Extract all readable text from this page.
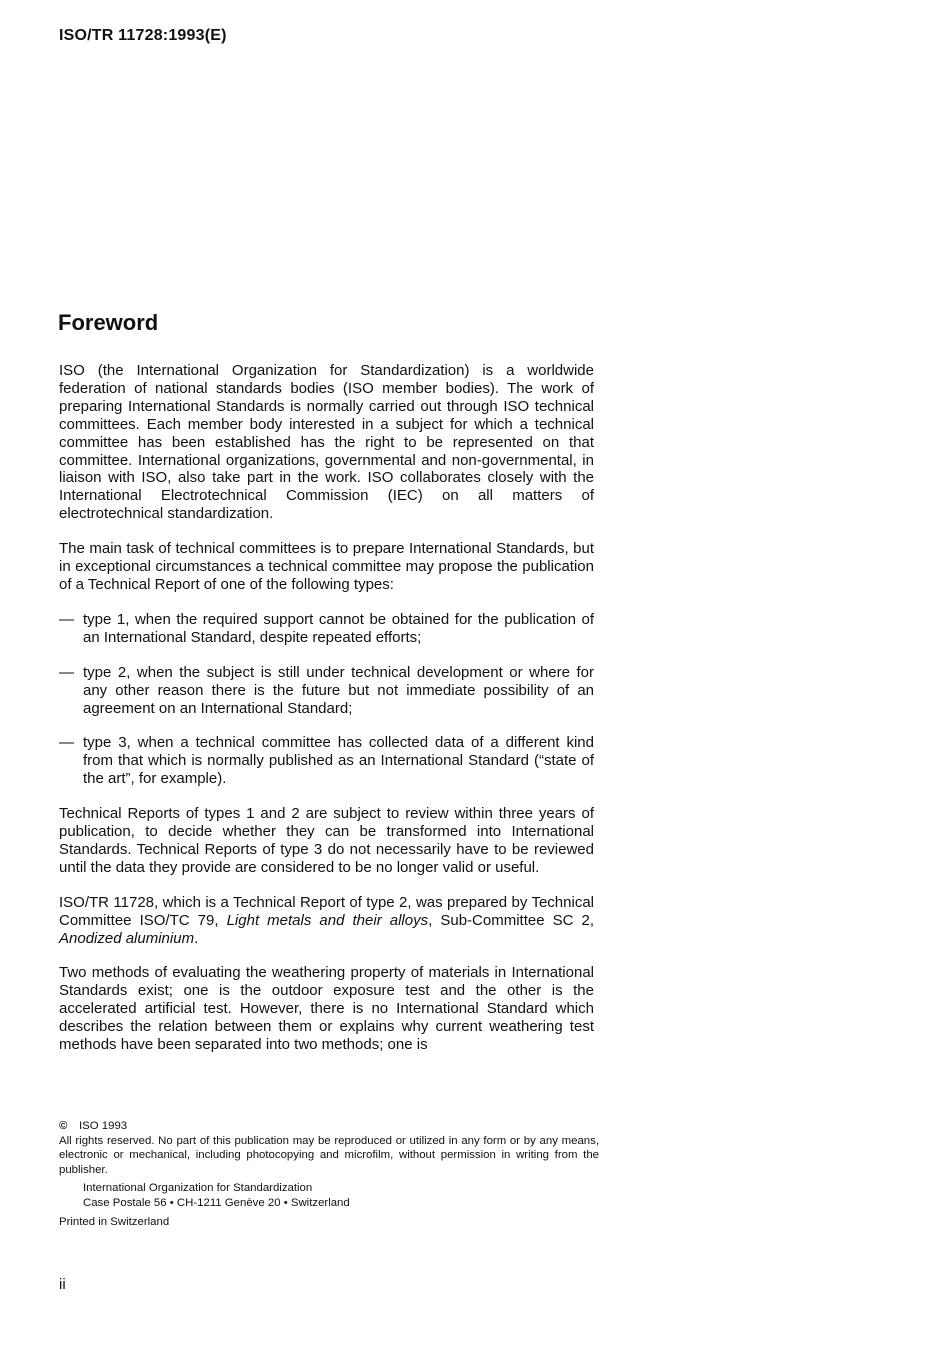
ISO/TR 11728:1993(E)
Foreword

ISO (the International Organization for Standardization) is a worldwide federation of national standards bodies (ISO member bodies). The work of preparing International Standards is normally carried out through ISO technical committees. Each member body interested in a subject for which a technical committee has been established has the right to be represented on that committee. International organizations, governmental and non-governmental, in liaison with ISO, also take part in the work. ISO collaborates closely with the International Electrotechnical Commission (IEC) on all matters of electrotechnical standardization.

The main task of technical committees is to prepare International Standards, but in exceptional circumstances a technical committee may propose the publication of a Technical Report of one of the following types:

— type 1, when the required support cannot be obtained for the publication of an International Standard, despite repeated efforts;
— type 2, when the subject is still under technical development or where for any other reason there is the future but not immediate possibility of an agreement on an International Standard;
— type 3, when a technical committee has collected data of a different kind from that which is normally published as an International Standard (“state of the art”, for example).

Technical Reports of types 1 and 2 are subject to review within three years of publication, to decide whether they can be transformed into International Standards. Technical Reports of type 3 do not necessarily have to be reviewed until the data they provide are considered to be no longer valid or useful.

ISO/TR 11728, which is a Technical Report of type 2, was prepared by Technical Committee ISO/TC 79, Light metals and their alloys, Sub-Committee SC 2, Anodized aluminium.

Two methods of evaluating the weathering property of materials in International Standards exist; one is the outdoor exposure test and the other is the accelerated artificial test. However, there is no International Standard which describes the relation between them or explains why current weathering test methods have been separated into two methods; one is

© ISO 1993

All rights reserved. No part of this publication may be reproduced or utilized in any form or by any means, electronic or mechanical, including photocopying and microfilm, without permission in writing from the publisher.

International Organization for Standardization

Case Postale 56 • CH-1211 Genève 20 • Switzerland

Printed in Switzerland

ii
